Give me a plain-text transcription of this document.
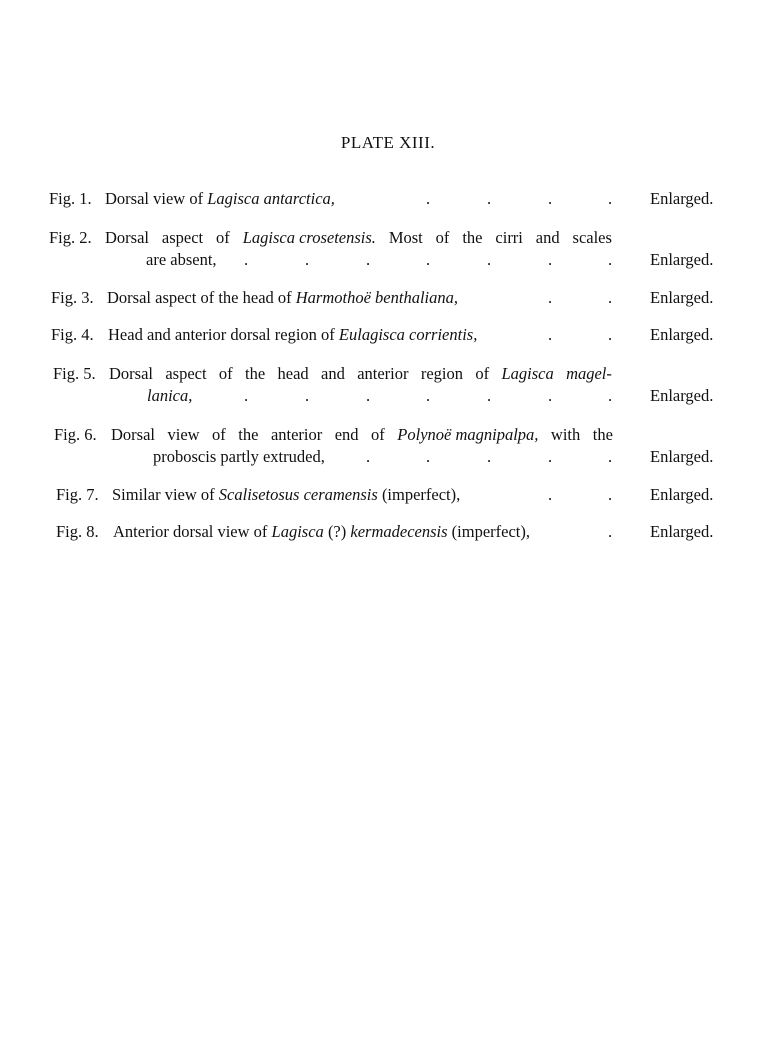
PLATE XIII.
Fig. 1. Dorsal view of Lagisca antarctica,	.	.	.	. Enlarged.
Fig. 2. Dorsal aspect of Lagisca crosetensis. Most of the cirri and scales
are absent, .	.	.	.	.	.	. Enlarged.
Fig. 3. Dorsal aspect of the head of Harmothoë benthaliana,	.	. Enlarged.
Fig. 4. Head and anterior dorsal region of Eulagisca corrientis,	.	. Enlarged.
Fig. 5. Dorsal aspect of the head and anterior region of Lagisca magel-
lanica,	.	.	.	.	.	.	. Enlarged.
Fig. 6. Dorsal view of the anterior end of Polynoë magnipalpa, with the
proboscis partly extruded, .	.	.	.	. Enlarged.
Fig. 7. Similar view of Scalisetosus ceramensis (imperfect),	.	. Enlarged.
Fig. 8. Anterior dorsal view of Lagisca (?) kermadecensis (imperfect),	. Enlarged.
